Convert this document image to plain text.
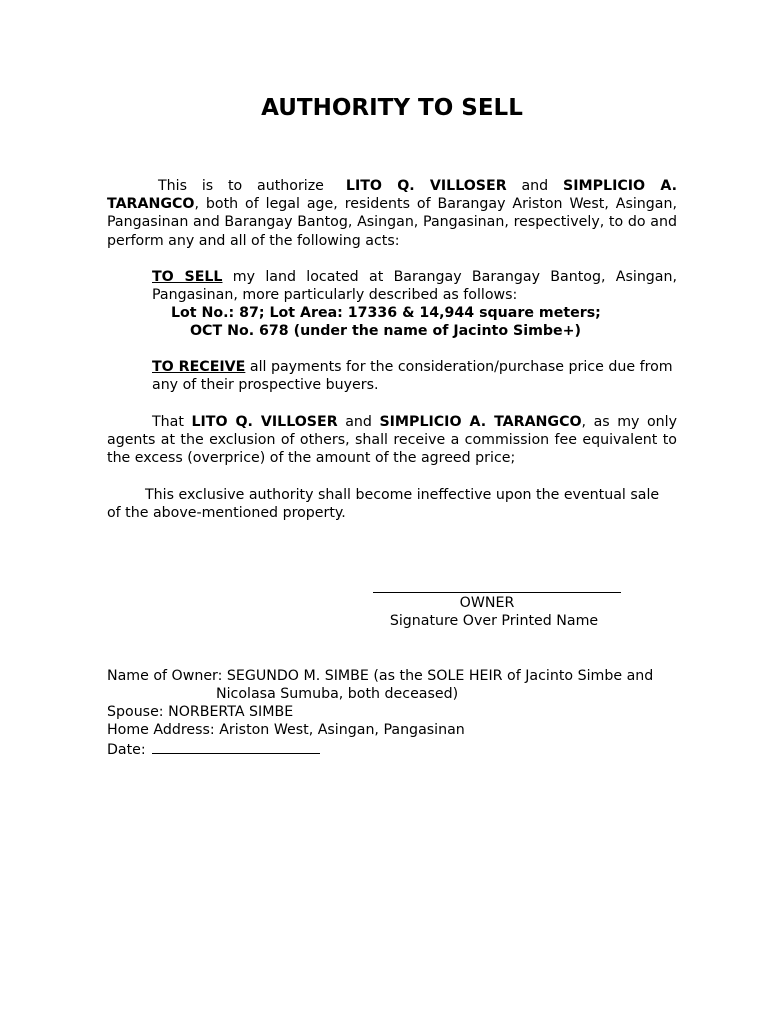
AUTHORITY TO SELL
This is to authorize LITO Q. VILLOSER and SIMPLICIO A. TARANGCO, both of legal age, residents of Barangay Ariston West, Asingan, Pangasinan and Barangay Bantog, Asingan, Pangasinan, respectively, to do and perform any and all of the following acts:
TO SELL my land located at Barangay Barangay Bantog, Asingan, Pangasinan, more particularly described as follows:
Lot No.: 87; Lot Area: 17336 & 14,944 square meters;
OCT No. 678 (under the name of Jacinto Simbe+)
TO RECEIVE all payments for the consideration/purchase price due from any of their prospective buyers.
That LITO Q. VILLOSER and SIMPLICIO A. TARANGCO, as my only agents at the exclusion of others, shall receive a commission fee equivalent to the excess (overprice) of the amount of the agreed price;
This exclusive authority shall become ineffective upon the eventual sale of the above-mentioned property.
OWNER
Signature Over Printed Name
Name of Owner: SEGUNDO M. SIMBE (as the SOLE HEIR of Jacinto Simbe and
Nicolasa Sumuba, both deceased)
Spouse: NORBERTA SIMBE
Home Address: Ariston West, Asingan, Pangasinan
Date:
